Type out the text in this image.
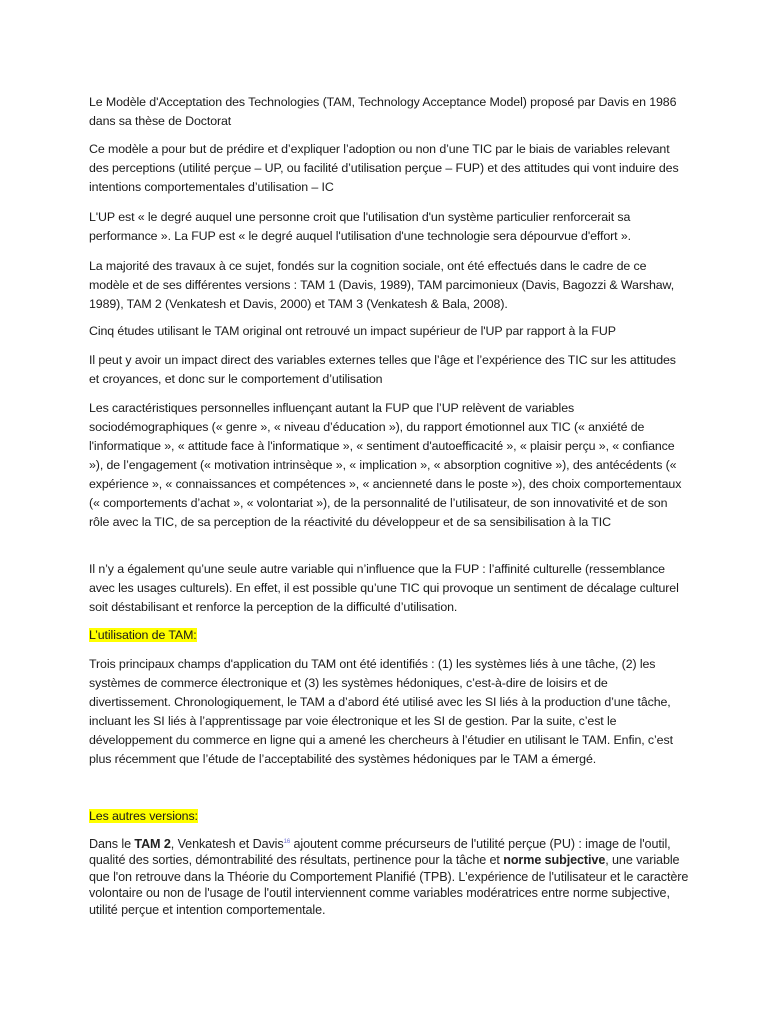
Le Modèle d'Acceptation des Technologies (TAM, Technology Acceptance Model) proposé par Davis en 1986 dans sa thèse de Doctorat
Ce modèle a pour but de prédire et d’expliquer l’adoption ou non d’une TIC par le biais de variables relevant des perceptions (utilité perçue – UP, ou facilité d’utilisation perçue – FUP) et des attitudes qui vont induire des intentions comportementales d’utilisation – IC
L'UP est « le degré auquel une personne croit que l'utilisation d'un système particulier renforcerait sa performance ». La FUP est « le degré auquel l'utilisation d'une technologie sera dépourvue d'effort ».
La majorité des travaux à ce sujet, fondés sur la cognition sociale, ont été effectués dans le cadre de ce modèle et de ses différentes versions : TAM 1 (Davis, 1989), TAM parcimonieux (Davis, Bagozzi & Warshaw, 1989), TAM 2 (Venkatesh et Davis, 2000) et TAM 3 (Venkatesh & Bala, 2008).
Cinq études utilisant le TAM original ont retrouvé un impact supérieur de l'UP par rapport à la FUP
Il peut y avoir un impact direct des variables externes telles que l’âge et l’expérience des TIC sur les attitudes et croyances, et donc sur le comportement d’utilisation
Les caractéristiques personnelles influençant autant la FUP que l’UP relèvent de variables sociodémographiques (« genre », « niveau d’éducation »), du rapport émotionnel aux TIC (« anxiété de l'informatique », « attitude face à l'informatique », « sentiment d'autoefficacité », « plaisir perçu », « confiance »), de l’engagement (« motivation intrinsèque », « implication », « absorption cognitive »), des antécédents (« expérience », « connaissances et compétences », « ancienneté dans le poste »), des choix comportementaux (« comportements d’achat », « volontariat »), de la personnalité de l’utilisateur, de son innovativité et de son rôle avec la TIC, de sa perception de la réactivité du développeur et de sa sensibilisation à la TIC
Il n’y a également qu’une seule autre variable qui n’influence que la FUP : l’affinité culturelle (ressemblance avec les usages culturels). En effet, il est possible qu’une TIC qui provoque un sentiment de décalage culturel soit déstabilisant et renforce la perception de la difficulté d’utilisation.
L’utilisation de TAM:
Trois principaux champs d'application du TAM ont été identifiés : (1) les systèmes liés à une tâche, (2) les systèmes de commerce électronique et (3) les systèmes hédoniques, c’est-à-dire de loisirs et de divertissement. Chronologiquement, le TAM a d’abord été utilisé avec les SI liés à la production d’une tâche, incluant les SI liés à l’apprentissage par voie électronique et les SI de gestion. Par la suite, c’est le développement du commerce en ligne qui a amené les chercheurs à l’étudier en utilisant le TAM. Enfin, c’est plus récemment que l’étude de l’acceptabilité des systèmes hédoniques par le TAM a émergé.
Les autres versions:
Dans le TAM 2, Venkatesh et Davis$^{16}$ ajoutent comme précurseurs de l'utilité perçue (PU) : image de l'outil, qualité des sorties, démontrabilité des résultats, pertinence pour la tâche et norme subjective, une variable que l'on retrouve dans la Théorie du Comportement Planifié (TPB). L'expérience de l'utilisateur et le caractère volontaire ou non de l'usage de l'outil interviennent comme variables modératrices entre norme subjective, utilité perçue et intention comportementale.
